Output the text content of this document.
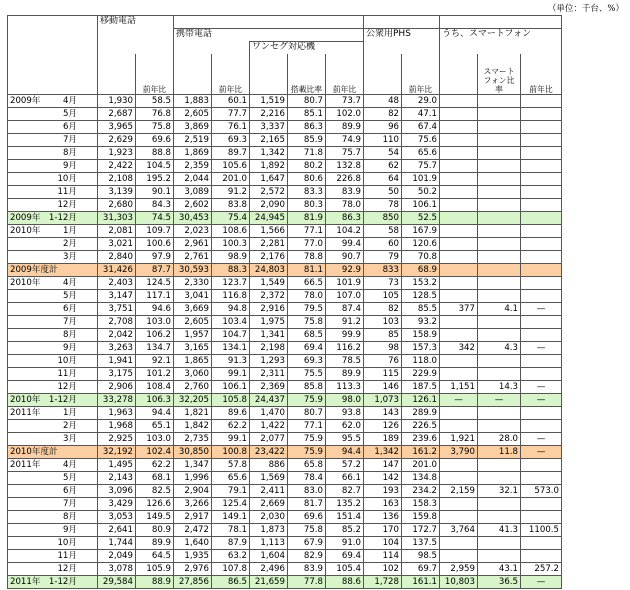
（単位：千台、%）
	移動電話											
			携帯電話					公衆用PHS		うち、スマートフォン		
					ワンセグ対応機							
		前年比		前年比		搭載比率	前年比		前年比		スマートフォン比率	前年比
2009年 4月	1,930	58.5	1,883	60.1	1,519	80.7	73.7	48	29.0			
5月	2,687	76.8	2,605	77.7	2,216	85.1	102.0	82	47.1			
6月	3,965	75.8	3,869	76.1	3,337	86.3	89.9	96	67.4			
7月	2,629	69.6	2,519	69.3	2,165	85.9	74.9	110	75.6			
8月	1,923	88.8	1,869	89.7	1,342	71.8	75.7	54	65.6			
9月	2,422	104.5	2,359	105.6	1,892	80.2	132.8	62	75.7			
10月	2,108	195.2	2,044	201.0	1,647	80.6	226.8	64	101.9			
11月	3,139	90.1	3,089	91.2	2,572	83.3	83.9	50	50.2			
12月	2,680	84.3	2,602	83.8	2,090	80.3	78.0	78	106.1			
2009年 1-12月	31,303	74.5	30,453	75.4	24,945	81.9	86.3	850	52.5			
2010年 1月	2,081	109.7	2,023	108.6	1,566	77.1	104.2	58	167.9			
2月	3,021	100.6	2,961	100.3	2,281	77.0	99.4	60	120.6			
3月	2,840	97.9	2,761	98.9	2,176	78.8	90.7	79	70.8			
2009年度計	31,426	87.7	30,593	88.3	24,803	81.1	92.9	833	68.9			
2010年 4月	2,403	124.5	2,330	123.7	1,549	66.5	101.9	73	153.2			
5月	3,147	117.1	3,041	116.8	2,372	78.0	107.0	105	128.5			
6月	3,751	94.6	3,669	94.8	2,916	79.5	87.4	82	85.5	377	4.1	—
7月	2,708	103.0	2,605	103.4	1,975	75.8	91.2	103	93.2			
8月	2,042	106.2	1,957	104.7	1,341	68.5	99.9	85	158.9			
9月	3,263	134.7	3,165	134.1	2,198	69.4	116.2	98	157.3	342	4.3	—
10月	1,941	92.1	1,865	91.3	1,293	69.3	78.5	76	118.0			
11月	3,175	101.2	3,060	99.1	2,311	75.5	89.9	115	229.9			
12月	2,906	108.4	2,760	106.1	2,369	85.8	113.3	146	187.5	1,151	14.3	—
2010年 1-12月	33,278	106.3	32,205	105.8	24,437	75.9	98.0	1,073	126.1	—	—	—
2011年 1月	1,963	94.4	1,821	89.6	1,470	80.7	93.8	143	289.9			
2月	1,968	65.1	1,842	62.2	1,422	77.1	62.0	126	226.5			
3月	2,925	103.0	2,735	99.1	2,077	75.9	95.5	189	239.6	1,921	28.0	—
2010年度計	32,192	102.4	30,850	100.8	23,422	75.9	94.4	1,342	161.2	3,790	11.8	—
2011年 4月	1,495	62.2	1,347	57.8	886	65.8	57.2	147	201.0			
5月	2,143	68.1	1,996	65.6	1,569	78.4	66.1	142	134.8			
6月	3,096	82.5	2,904	79.1	2,411	83.0	82.7	193	234.2	2,159	32.1	573.0
7月	3,429	126.6	3,266	125.4	2,669	81.7	135.2	163	158.3			
8月	3,053	149.5	2,917	149.1	2,030	69.6	151.4	136	159.8			
9月	2,641	80.9	2,472	78.1	1,873	75.8	85.2	170	172.7	3,764	41.3	1100.5
10月	1,744	89.9	1,640	87.9	1,113	67.9	91.0	104	137.5			
11月	2,049	64.5	1,935	63.2	1,604	82.9	69.4	114	98.5			
12月	3,078	105.9	2,976	107.8	2,496	83.9	105.4	102	69.7	2,959	43.1	257.2
2011年 1-12月	29,584	88.9	27,856	86.5	21,659	77.8	88.6	1,728	161.1	10,803	36.5	—
